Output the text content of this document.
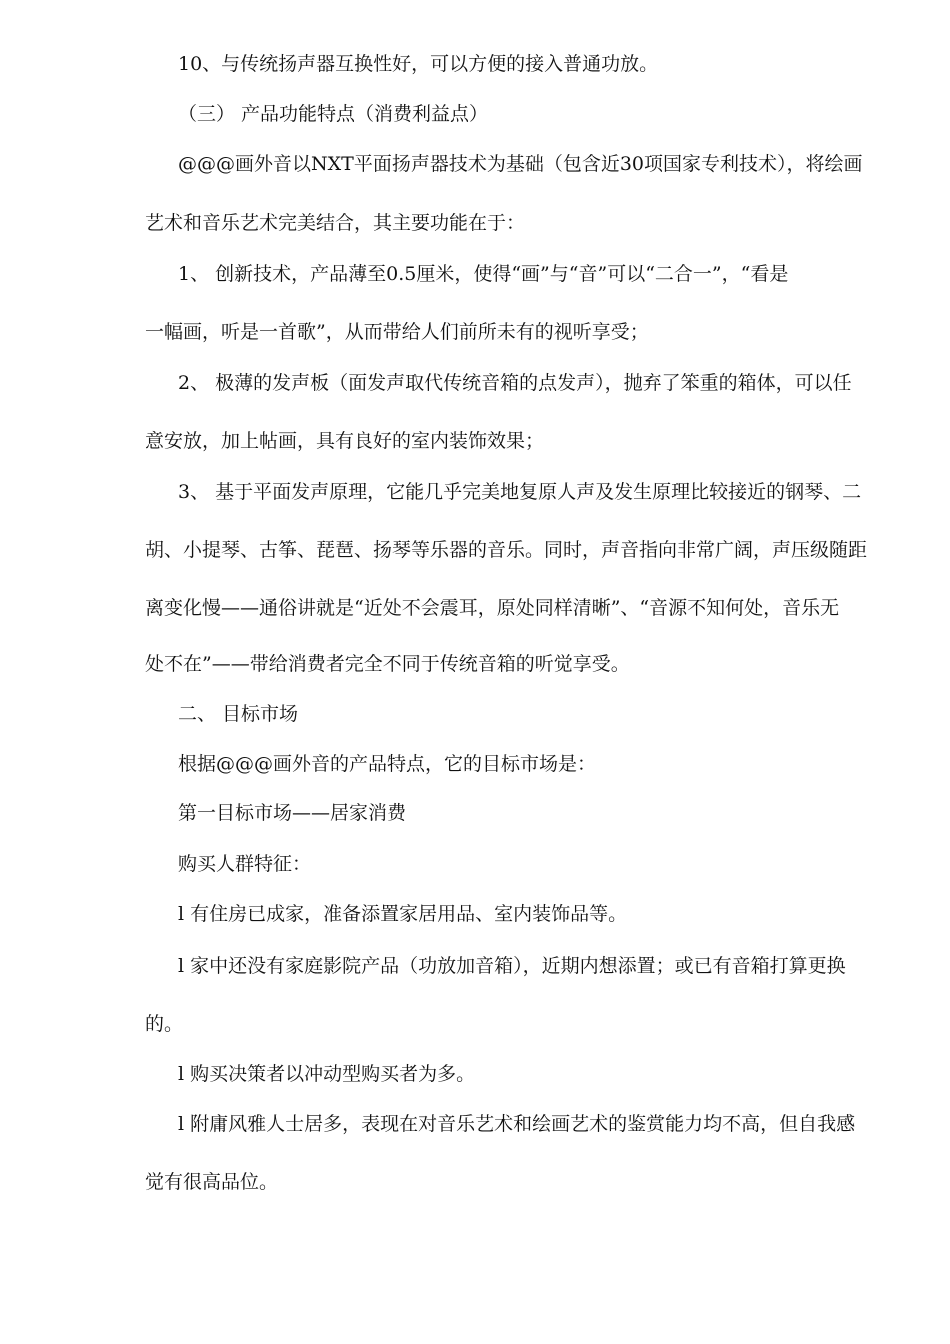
10、与传统扬声器互换性好，可以方便的接入普通功放。
（三） 产品功能特点（消费利益点）
@@@画外音以NXT平面扬声器技术为基础（包含近30项国家专利技术），将绘画
艺术和音乐艺术完美结合，其主要功能在于：
1、 创新技术，产品薄至0.5厘米，使得“画”与“音”可以“二合一”，“看是
一幅画，听是一首歌”，从而带给人们前所未有的视听享受；
2、 极薄的发声板（面发声取代传统音箱的点发声），抛弃了笨重的箱体，可以任
意安放，加上帖画，具有良好的室内装饰效果；
3、 基于平面发声原理，它能几乎完美地复原人声及发生原理比较接近的钢琴、二
胡、小提琴、古筝、琵琶、扬琴等乐器的音乐。同时，声音指向非常广阔，声压级随距
离变化慢——通俗讲就是“近处不会震耳，原处同样清晰”、“音源不知何处，音乐无
处不在”——带给消费者完全不同于传统音箱的听觉享受。
二、 目标市场
根据@@@画外音的产品特点，它的目标市场是：
第一目标市场——居家消费
购买人群特征：
l 有住房已成家，准备添置家居用品、室内装饰品等。
l 家中还没有家庭影院产品（功放加音箱），近期内想添置；或已有音箱打算更换
的。
l 购买决策者以冲动型购买者为多。
l 附庸风雅人士居多，表现在对音乐艺术和绘画艺术的鉴赏能力均不高，但自我感
觉有很高品位。
